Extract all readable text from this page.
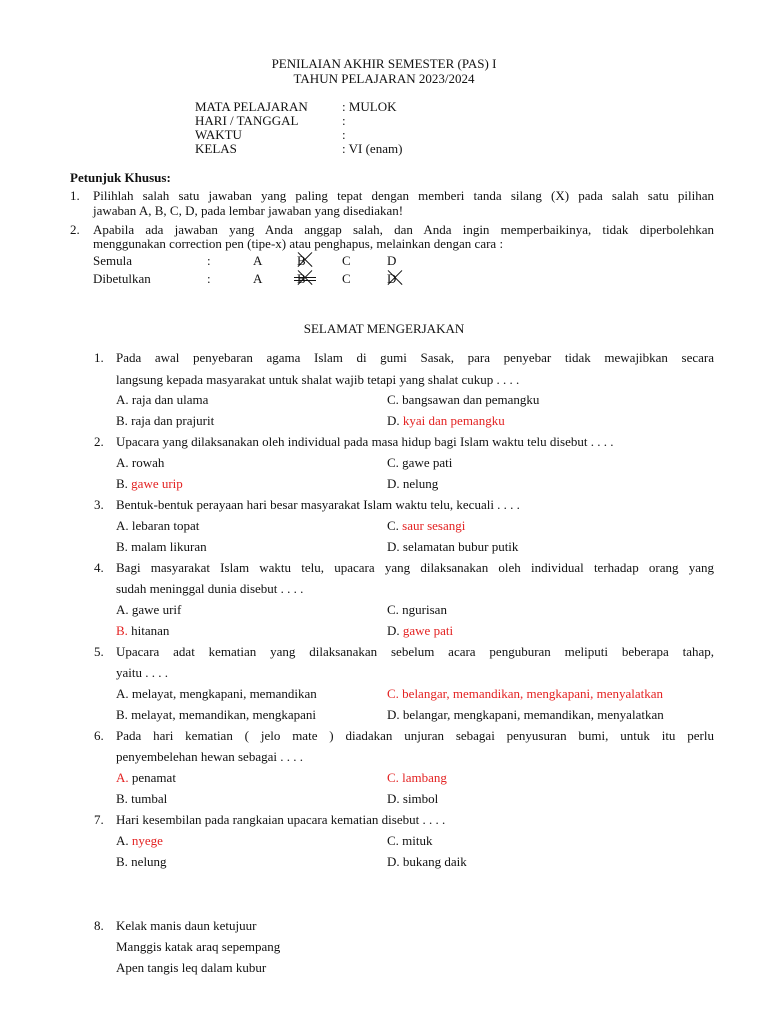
PENILAIAN AKHIR SEMESTER (PAS) I
TAHUN PELAJARAN 2023/2024
MATA PELAJARAN	: MULOK
HARI / TANGGAL	:
WAKTU	:
KELAS	: VI (enam)
Petunjuk Khusus:
1. Pilihlah salah satu jawaban yang paling tepat dengan memberi tanda silang (X) pada salah satu pilihan
jawaban A, B, C, D, pada lembar jawaban yang disediakan!
2. Apabila ada jawaban yang Anda anggap salah, dan Anda ingin memperbaikinya, tidak diperbolehkan
menggunakan correction pen (tipe-x) atau penghapus, melainkan dengan cara :
Semula	:	A	B	C	D
Dibetulkan	:	A	B	C	D
SELAMAT MENGERJAKAN
1. Pada awal penyebaran agama Islam di gumi Sasak, para penyebar tidak mewajibkan secara
langsung kepada masyarakat untuk shalat wajib tetapi yang shalat cukup . . . .
A. raja dan ulama	C. bangsawan dan pemangku
B. raja dan prajurit	D. kyai dan pemangku
2. Upacara yang dilaksanakan oleh individual pada masa hidup bagi Islam waktu telu disebut . . . .
A. rowah	C. gawe pati
B. gawe urip	D. nelung
3. Bentuk-bentuk perayaan hari besar masyarakat Islam waktu telu, kecuali . . . .
A. lebaran topat	C. saur sesangi
B. malam likuran	D. selamatan bubur putik
4. Bagi masyarakat Islam waktu telu, upacara yang dilaksanakan oleh individual terhadap orang yang
sudah meninggal dunia disebut . . . .
A. gawe urif	C. ngurisan
B. hitanan	D. gawe pati
5. Upacara adat kematian yang dilaksanakan sebelum acara penguburan meliputi beberapa tahap,
yaitu . . . .
A. melayat, mengkapani, memandikan	C. belangar, memandikan, mengkapani, menyalatkan
B. melayat, memandikan, mengkapani	D. belangar, mengkapani, memandikan, menyalatkan
6. Pada hari kematian ( jelo mate ) diadakan unjuran sebagai penyusuran bumi, untuk itu perlu
penyembelehan hewan sebagai . . . .
A. penamat	C. lambang
B. tumbal	D. simbol
7. Hari kesembilan pada rangkaian upacara kematian disebut . . . .
A. nyege	C. mituk
B. nelung	D. bukang daik
8. Kelak manis daun ketujuur
Manggis katak araq sepempang
Apen tangis leq dalam kubur
